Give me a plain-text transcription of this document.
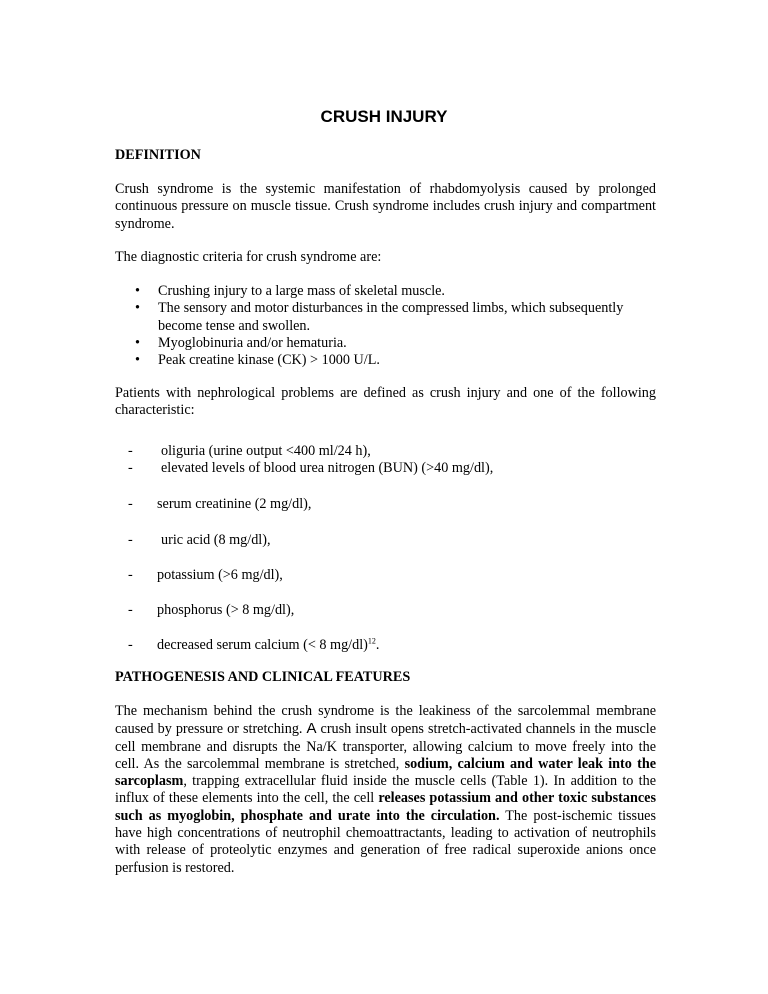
CRUSH INJURY
DEFINITION
Crush syndrome is the systemic manifestation of rhabdomyolysis caused by prolonged continuous pressure on muscle tissue. Crush syndrome includes crush injury and compartment syndrome.
The diagnostic criteria for crush syndrome are:
• Crushing injury to a large mass of skeletal muscle.
• The sensory and motor disturbances in the compressed limbs, which subsequently become tense and swollen.
• Myoglobinuria and/or hematuria.
• Peak creatine kinase (CK) > 1000 U/L.
Patients with nephrological problems are defined as crush injury and one of the following characteristic:
- oliguria (urine output <400 ml/24 h),
- elevated levels of blood urea nitrogen (BUN) (>40 mg/dl),
- serum creatinine (2 mg/dl),
- uric acid (8 mg/dl),
- potassium (>6 mg/dl),
- phosphorus (> 8 mg/dl),
- decreased serum calcium (< 8 mg/dl)$^{12}$.
PATHOGENESIS AND CLINICAL FEATURES
The mechanism behind the crush syndrome is the leakiness of the sarcolemmal membrane caused by pressure or stretching. A crush insult opens stretch-activated channels in the muscle cell membrane and disrupts the Na/K transporter, allowing calcium to move freely into the cell. As the sarcolemmal membrane is stretched, sodium, calcium and water leak into the sarcoplasm, trapping extracellular fluid inside the muscle cells (Table 1). In addition to the influx of these elements into the cell, the cell releases potassium and other toxic substances such as myoglobin, phosphate and urate into the circulation. The post-ischemic tissues have high concentrations of neutrophil chemoattractants, leading to activation of neutrophils with release of proteolytic enzymes and generation of free radical superoxide anions once perfusion is restored.
